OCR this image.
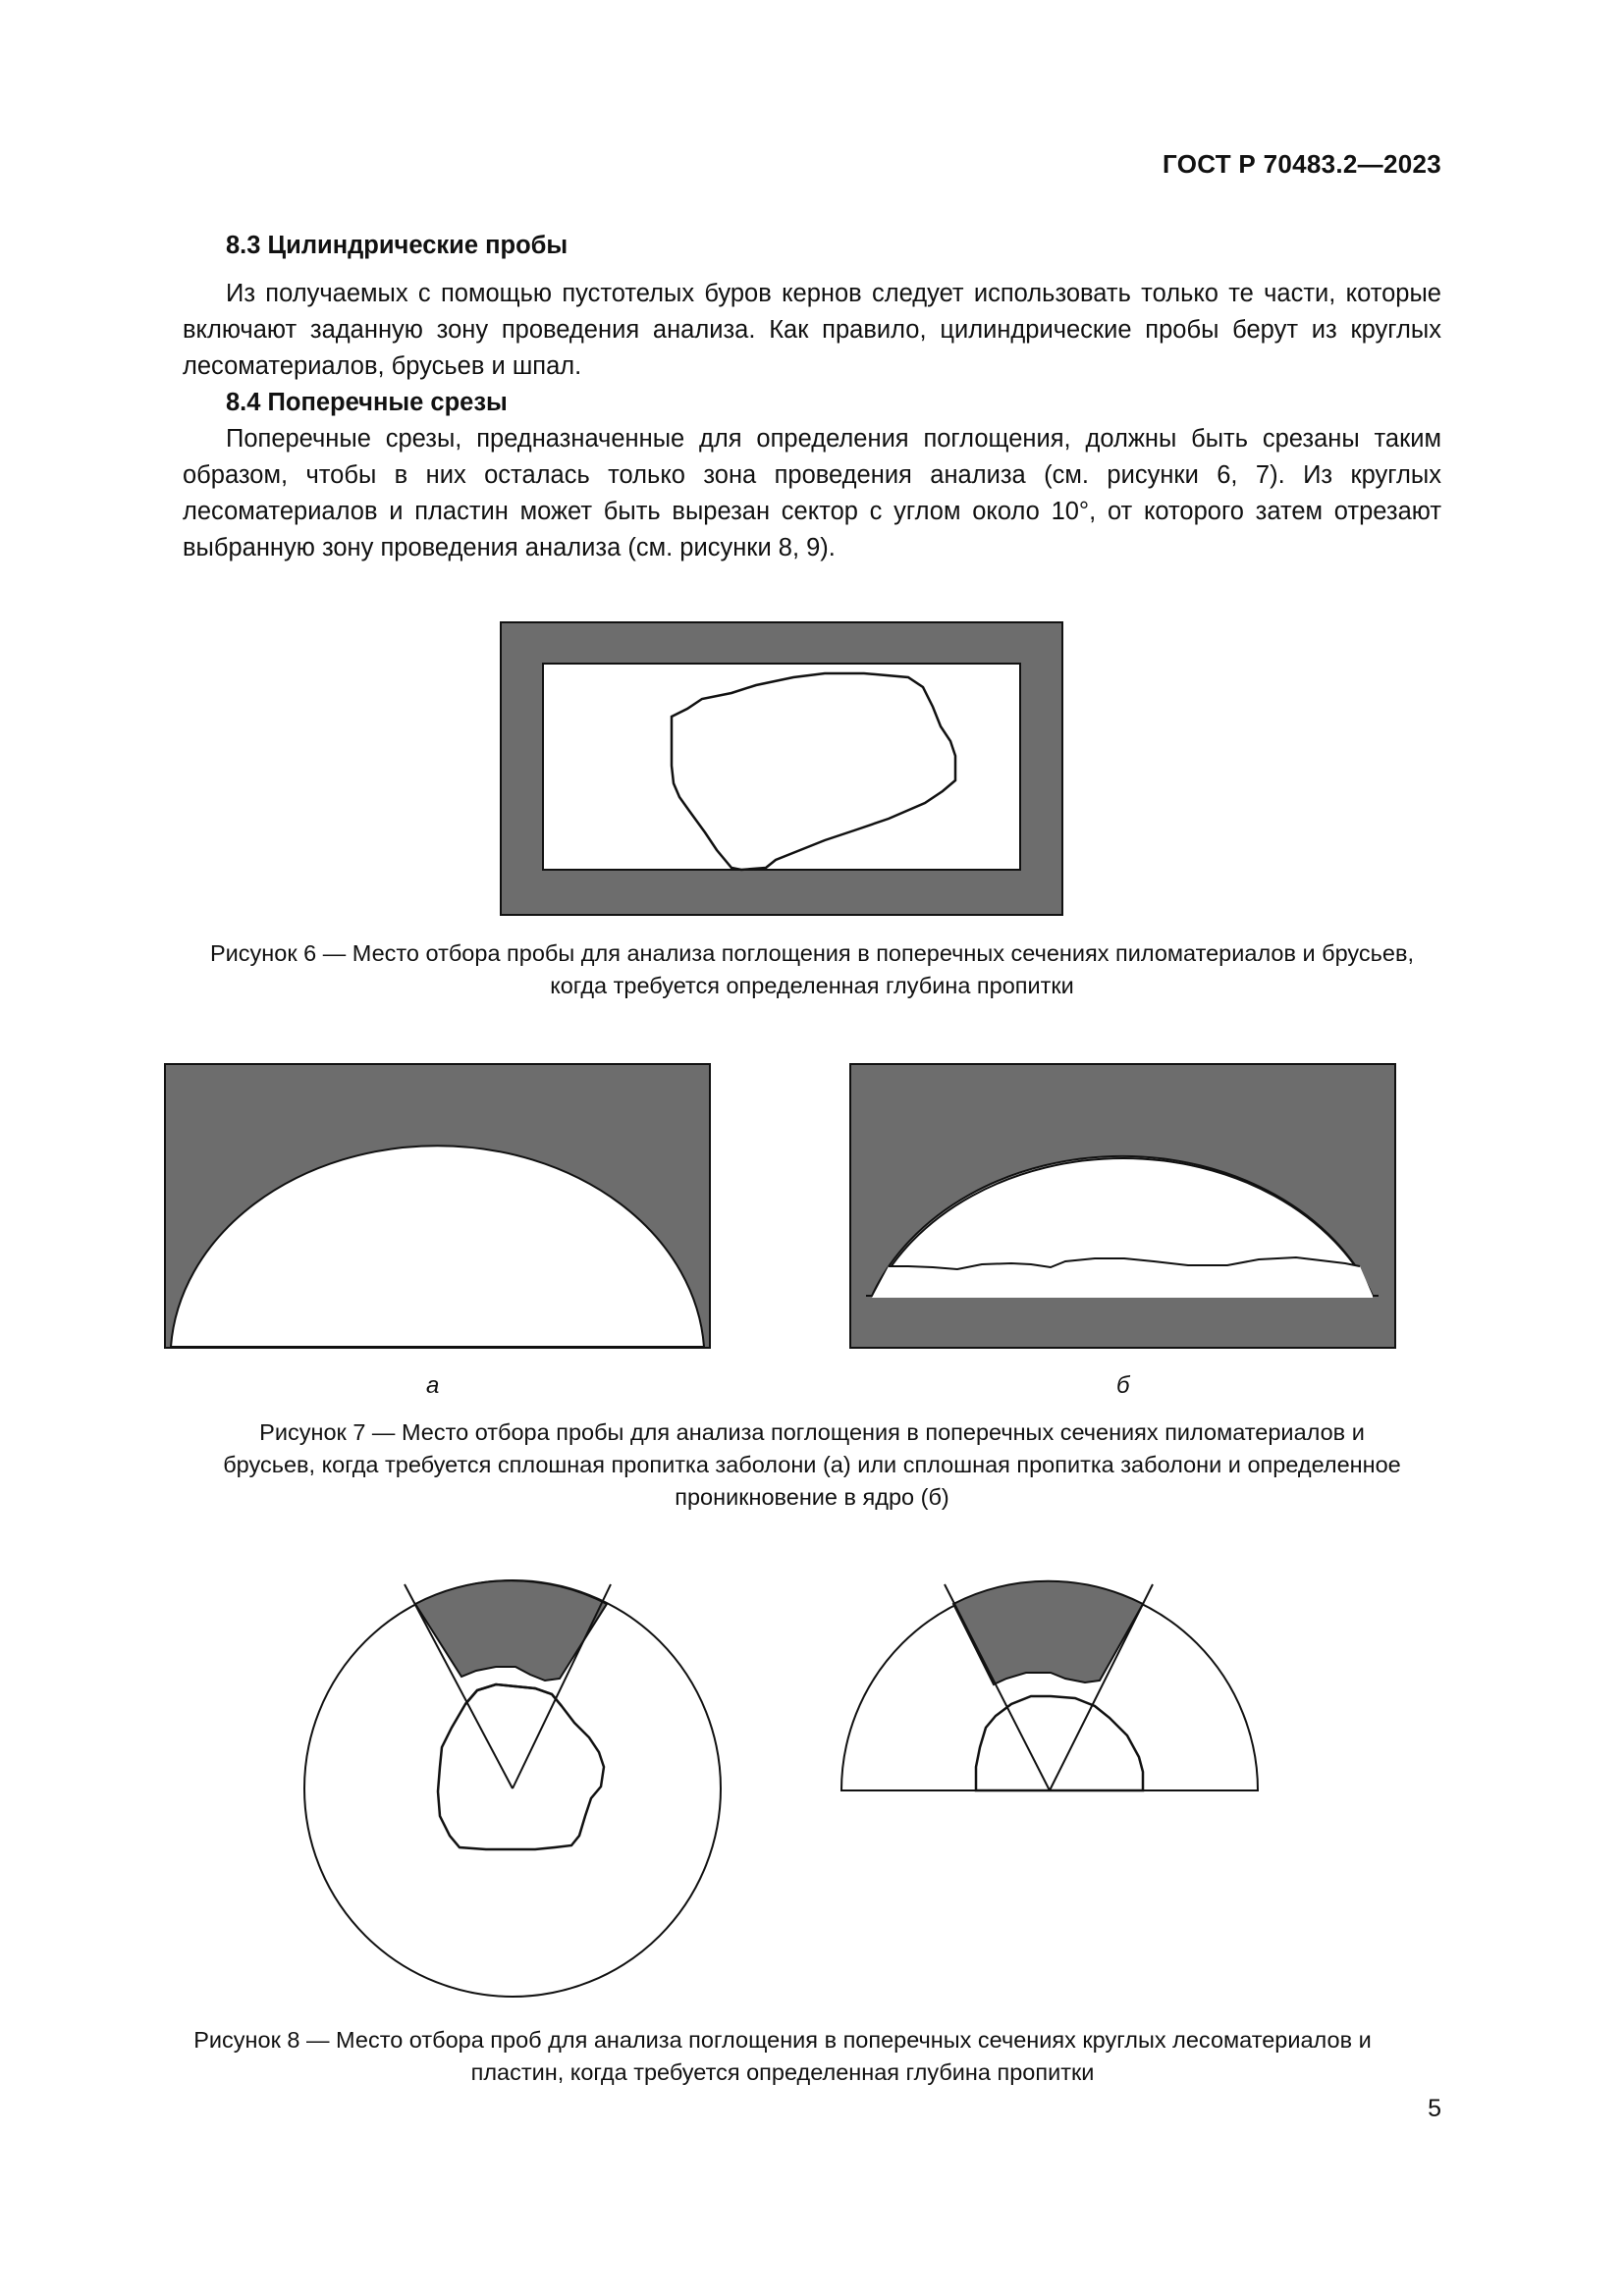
ГОСТ Р 70483.2—2023

8.3 Цилиндрические пробы

Из получаемых с помощью пустотелых буров кернов следует использовать только те части, которые включают заданную зону проведения анализа. Как правило, цилиндрические пробы берут из круглых лесоматериалов, брусьев и шпал.

8.4 Поперечные срезы

Поперечные срезы, предназначенные для определения поглощения, должны быть срезаны таким образом, чтобы в них осталась только зона проведения анализа (см. рисунки 6, 7). Из круглых лесоматериалов и пластин может быть вырезан сектор с углом около 10°, от которого затем отрезают выбранную зону проведения анализа (см. рисунки 8, 9).

Рисунок 6 — Место отбора пробы для анализа поглощения в поперечных сечениях пиломатериалов и брусьев,
когда требуется определенная глубина пропитки
а	б
Рисунок 7 — Место отбора пробы для анализа поглощения в поперечных сечениях пиломатериалов и
брусьев, когда требуется сплошная пропитка заболони (а) или сплошная пропитка заболони и определенное
проникновение в ядро (б)
Рисунок 8 — Место отбора проб для анализа поглощения в поперечных сечениях круглых лесоматериалов и
пластин, когда требуется определенная глубина пропитки
5
